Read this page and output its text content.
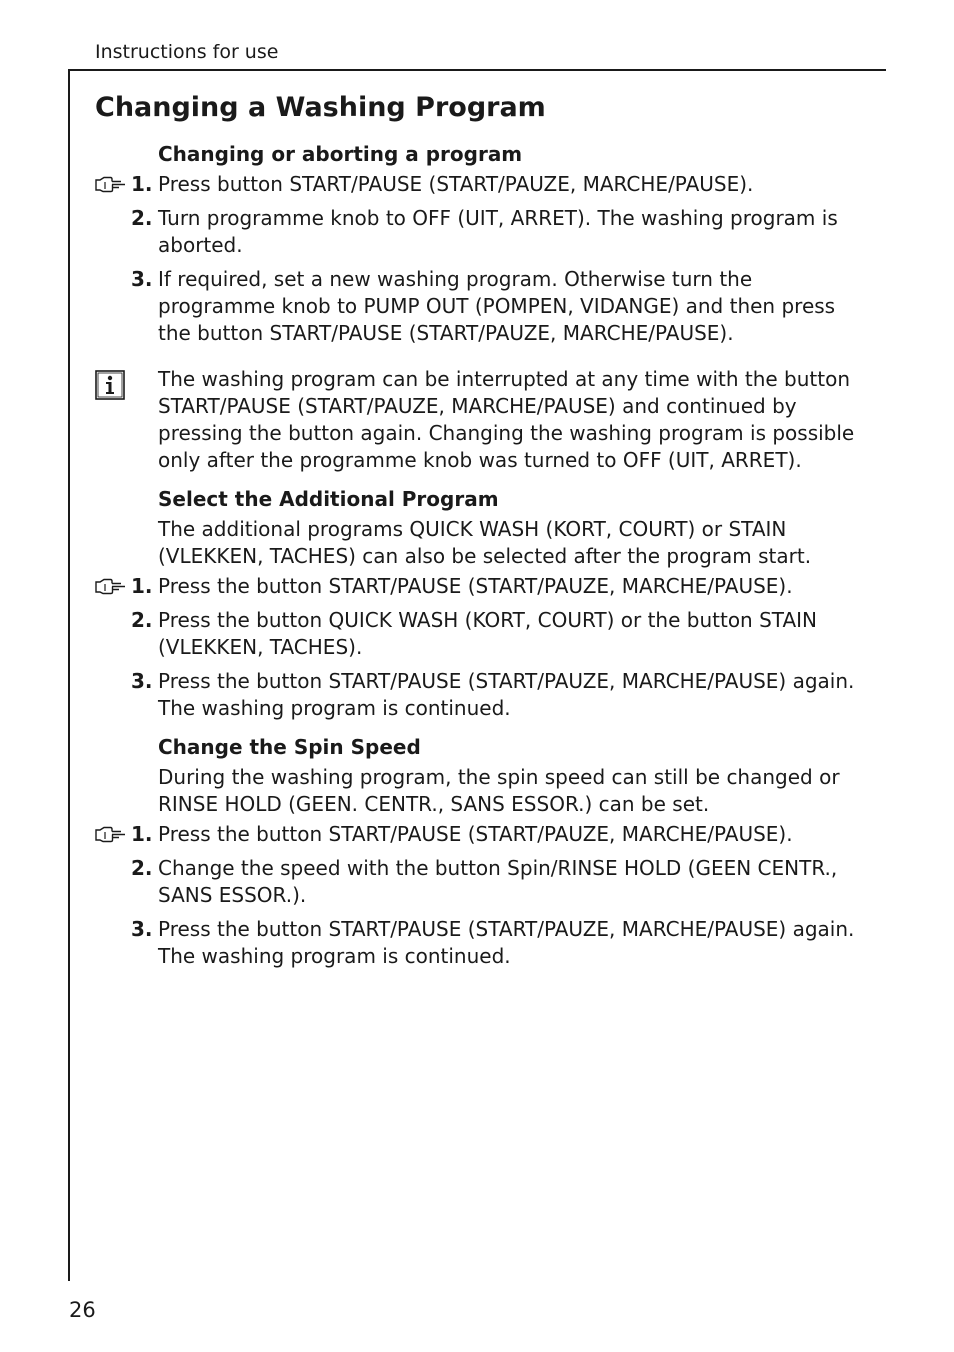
Instructions for use
Changing a Washing Program
Changing or aborting a program
1. Press button START/PAUSE (START/PAUZE, MARCHE/PAUSE).
2. Turn programme knob to OFF (UIT, ARRET). The washing program is aborted.
3. If required, set a new washing program. Otherwise turn the programme knob to PUMP OUT (POMPEN, VIDANGE) and then press the button START/PAUSE (START/PAUZE, MARCHE/PAUSE).
The washing program can be interrupted at any time with the button START/PAUSE (START/PAUZE, MARCHE/PAUSE) and continued by pressing the button again. Changing the washing program is possible only after the programme knob was turned to OFF (UIT, ARRET).
Select the Additional Program

The additional programs QUICK WASH (KORT, COURT) or STAIN (VLEKKEN, TACHES) can also be selected after the program start.

1. Press the button START/PAUSE (START/PAUZE, MARCHE/PAUSE).
2. Press the button QUICK WASH (KORT, COURT) or the button STAIN (VLEKKEN, TACHES).
3. Press the button START/PAUSE (START/PAUZE, MARCHE/PAUSE) again. The washing program is continued.
Change the Spin Speed

During the washing program, the spin speed can still be changed or RINSE HOLD (GEEN. CENTR., SANS ESSOR.) can be set.

1. Press the button START/PAUSE (START/PAUZE, MARCHE/PAUSE).
2. Change the speed with the button Spin/RINSE HOLD (GEEN CENTR., SANS ESSOR.).
3. Press the button START/PAUSE (START/PAUZE, MARCHE/PAUSE) again. The washing program is continued.
26
